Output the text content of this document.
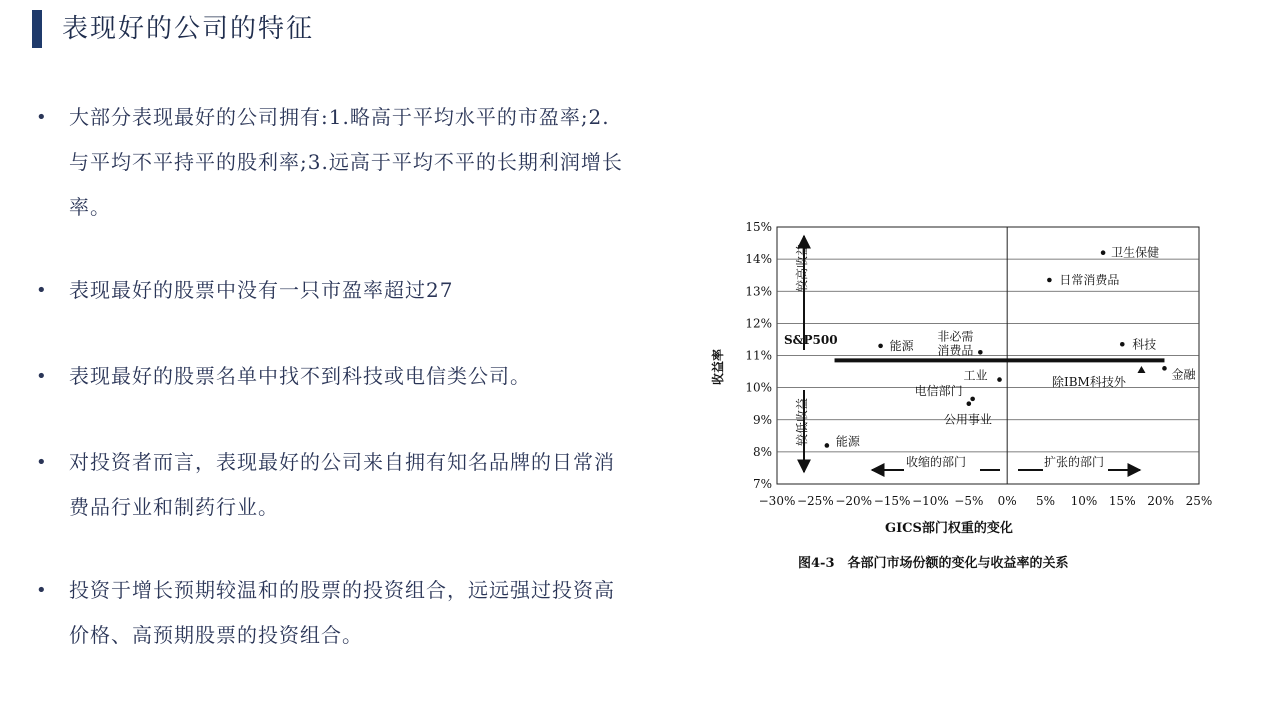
表现好的公司的特征
• 大部分表现最好的公司拥有:1.略高于平均水平的市盈率;2.与平均不平持平的股利率;3.远高于平均不平的长期利润增长率。
• 表现最好的股票中没有一只市盈率超过27
• 表现最好的股票名单中找不到科技或电信类公司。
• 对投资者而言，表现最好的公司来自拥有知名品牌的日常消费品行业和制药行业。
• 投资于增长预期较温和的股票的投资组合，远远强过投资高价格、高预期股票的投资组合。
15%
14%
13%
12%
11%
10%
9%
8%
7%
−30% −25% −20% −15% −10% −5% 0% 5% 10% 15% 20% 25%
S&P500
较高收益
较低收益
收缩的部门	扩张的部门
除IBM科技外
卫生保健
日常消费品
能源
非必需消费品	科技
工业
电信部门
公用事业
金融
能源
收益率
GICS部门权重的变化
图4-3　各部门市场份额的变化与收益率的关系
